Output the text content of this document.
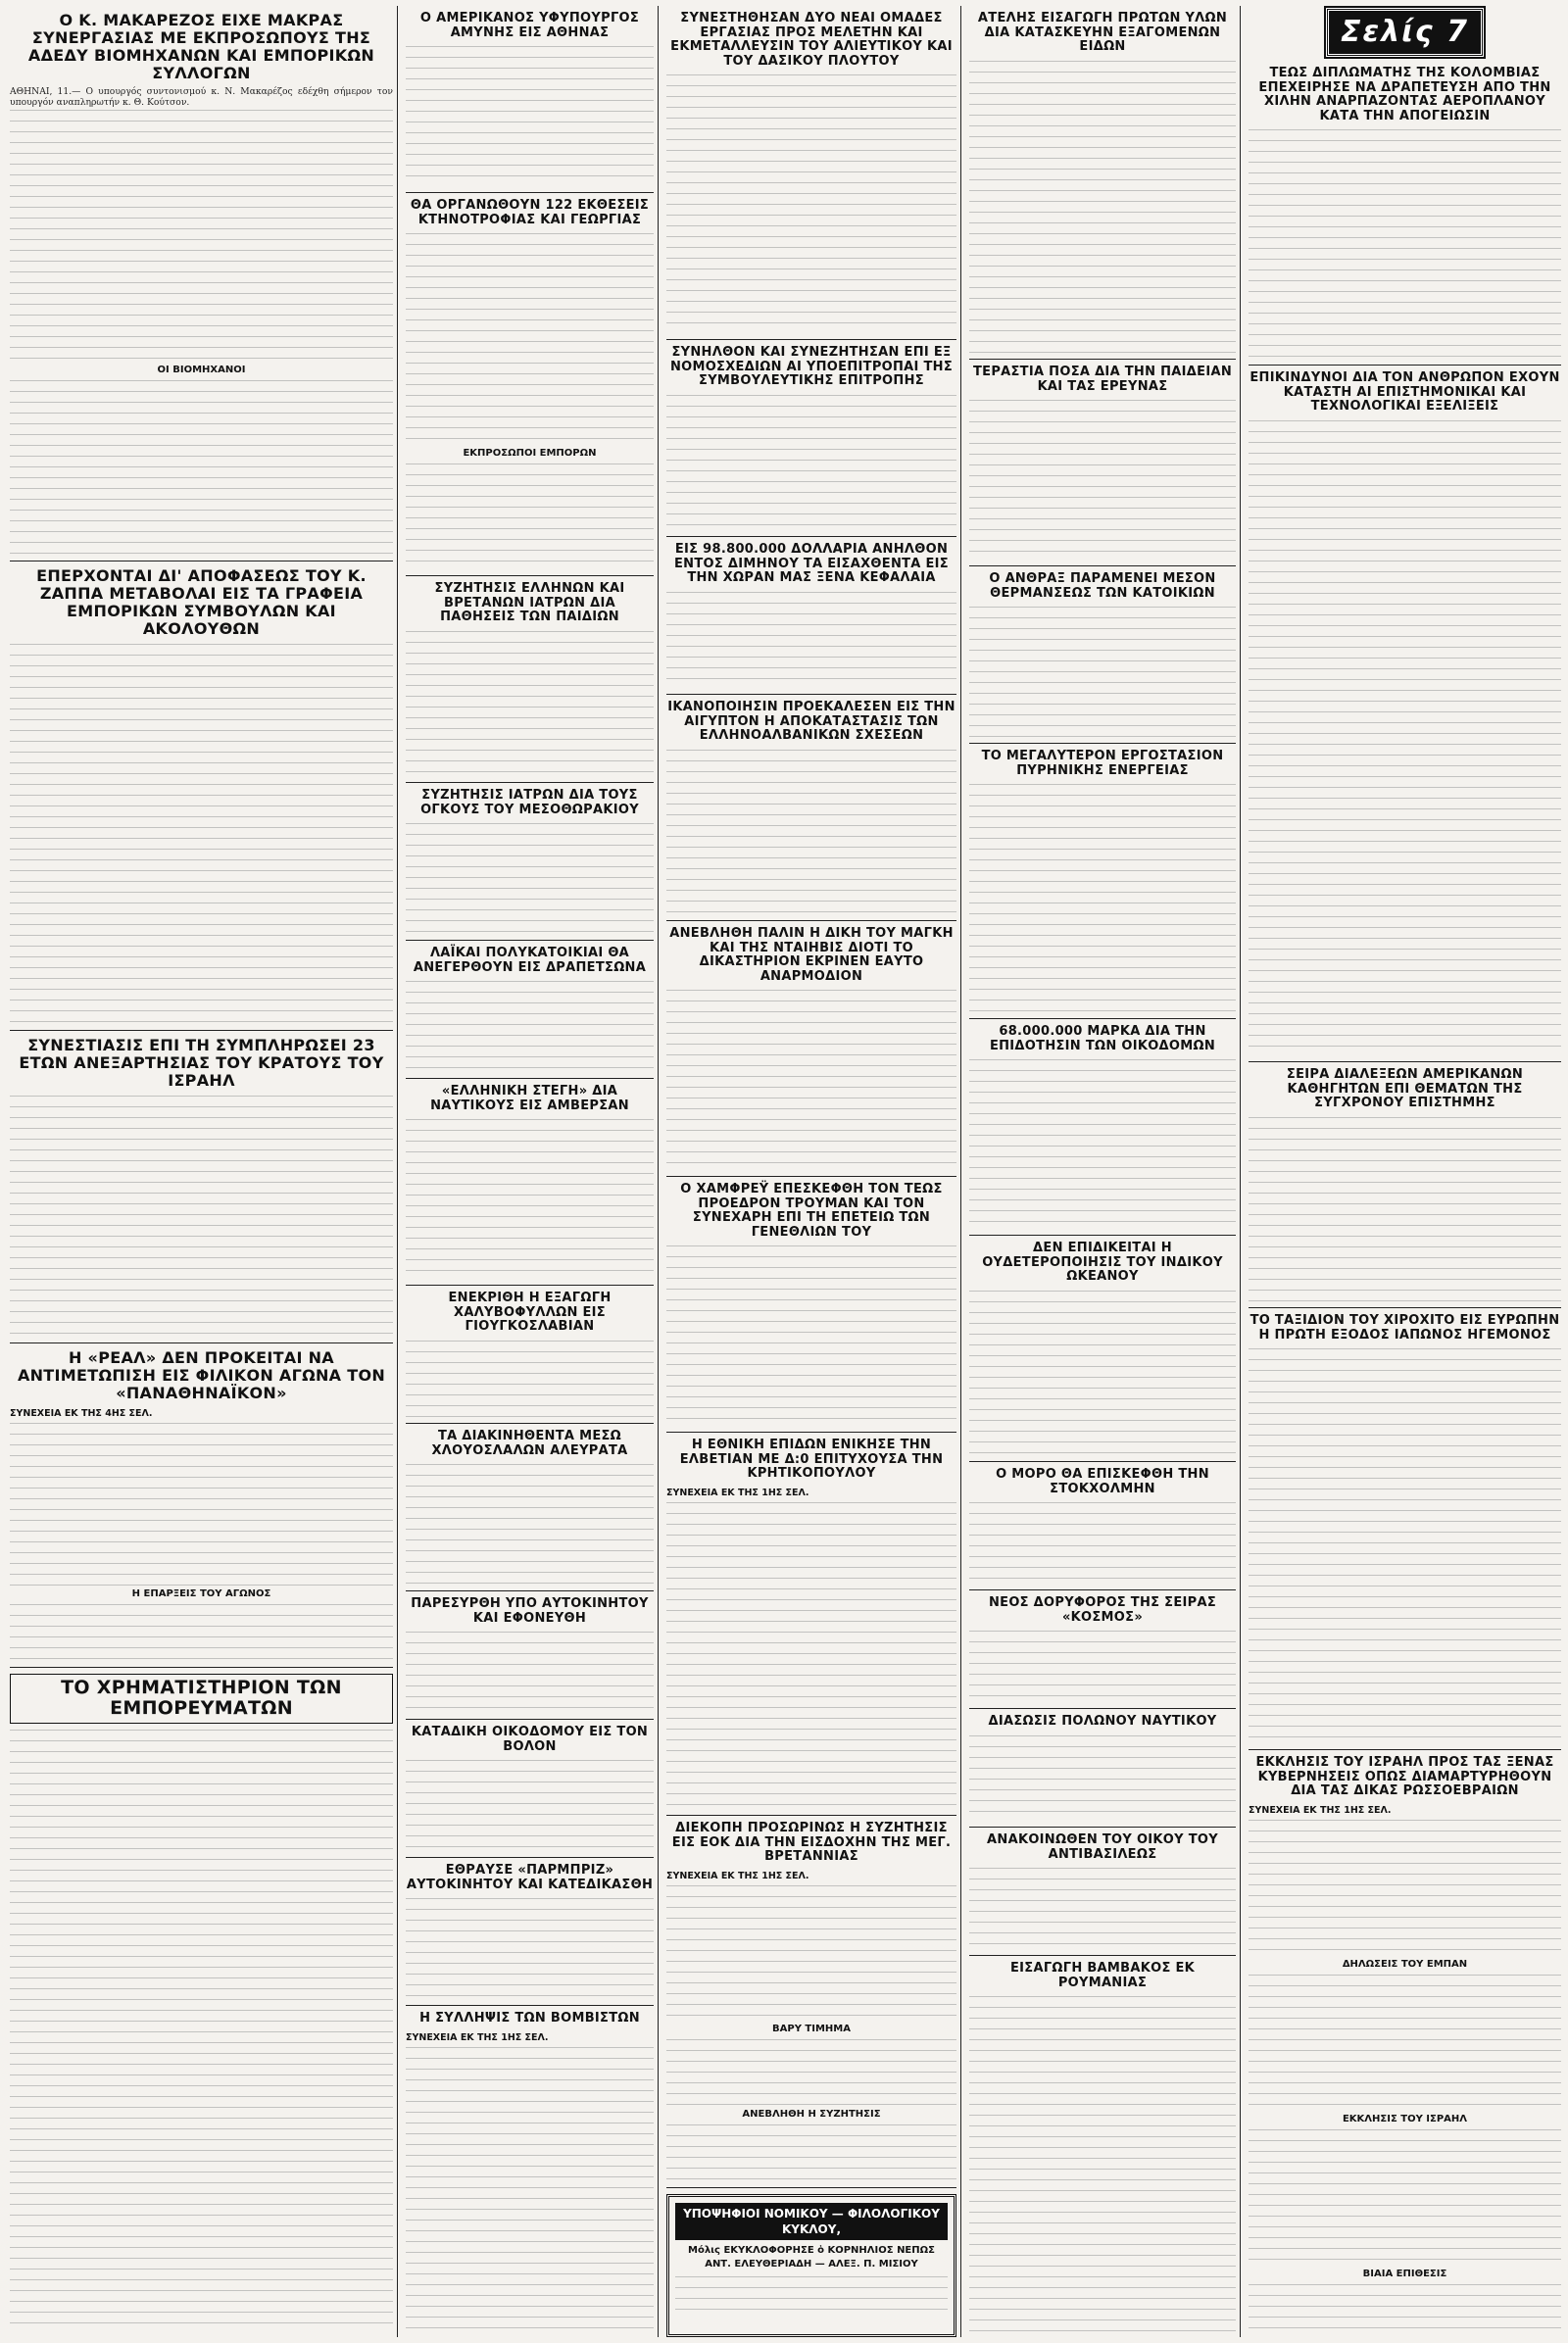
Ο Κ. ΜΑΚΑΡΕΖΟΣ ΕΙΧΕ ΜΑΚΡΑΣ ΣΥΝΕΡΓΑΣΙΑΣ ΜΕ ΕΚΠΡΟΣΩΠΟΥΣ ΤΗΣ ΑΔΕΔΥ ΒΙΟΜΗΧΑΝΩΝ ΚΑΙ ΕΜΠΟΡΙΚΩΝ ΣΥΛΛΟΓΩΝ

ΑΘΗΝΑΙ, 11.— Ο υπουργός συντονισμού κ. Ν. Μακαρέζος εδέχθη σήμερον τον υπουργόν αναπληρωτήν κ. Θ. Κούτσον.

ΟΙ ΒΙΟΜΗΧΑΝΟΙ
ΕΠΕΡΧΟΝΤΑΙ ΔΙ' ΑΠΟΦΑΣΕΩΣ ΤΟΥ Κ. ΖΑΠΠΑ ΜΕΤΑΒΟΛΑΙ ΕΙΣ ΤΑ ΓΡΑΦΕΙΑ ΕΜΠΟΡΙΚΩΝ ΣΥΜΒΟΥΛΩΝ ΚΑΙ ΑΚΟΛΟΥΘΩΝ
ΣΥΝΕΣΤΙΑΣΙΣ ΕΠΙ ΤΗ ΣΥΜΠΛΗΡΩΣΕΙ 23 ΕΤΩΝ ΑΝΕΞΑΡΤΗΣΙΑΣ ΤΟΥ ΚΡΑΤΟΥΣ ΤΟΥ ΙΣΡΑΗΛ
Η «ΡΕΑΛ» ΔΕΝ ΠΡΟΚΕΙΤΑΙ ΝΑ ΑΝΤΙΜΕΤΩΠΙΣΗ ΕΙΣ ΦΙΛΙΚΟΝ ΑΓΩΝΑ ΤΟΝ «ΠΑΝΑΘΗΝΑΪΚΟΝ»
ΣΥΝΕΧΕΙΑ ΕΚ ΤΗΣ 4ΗΣ ΣΕΛ.
Η ΕΠΑΡΞΕΙΣ ΤΟΥ ΑΓΩΝΟΣ
ΤΟ ΧΡΗΜΑΤΙΣΤΗΡΙΟΝ ΤΩΝ ΕΜΠΟΡΕΥΜΑΤΩΝ
Ο ΑΜΕΡΙΚΑΝΟΣ ΥΦΥΠΟΥΡΓΟΣ ΑΜΥΝΗΣ ΕΙΣ ΑΘΗΝΑΣ
ΘΑ ΟΡΓΑΝΩΘΟΥΝ 122 ΕΚΘΕΣΕΙΣ ΚΤΗΝΟΤΡΟΦΙΑΣ ΚΑΙ ΓΕΩΡΓΙΑΣ
ΕΚΠΡΟΣΩΠΟΙ ΕΜΠΟΡΩΝ
ΣΥΖΗΤΗΣΙΣ ΕΛΛΗΝΩΝ ΚΑΙ ΒΡΕΤΑΝΩΝ ΙΑΤΡΩΝ ΔΙΑ ΠΑΘΗΣΕΙΣ ΤΩΝ ΠΑΙΔΙΩΝ
ΣΥΖΗΤΗΣΙΣ ΙΑΤΡΩΝ ΔΙΑ ΤΟΥΣ ΟΓΚΟΥΣ ΤΟΥ ΜΕΣΟΘΩΡΑΚΙΟΥ
ΛΑΪΚΑΙ ΠΟΛΥΚΑΤΟΙΚΙΑΙ ΘΑ ΑΝΕΓΕΡΘΟΥΝ ΕΙΣ ΔΡΑΠΕΤΣΩΝΑ
«ΕΛΛΗΝΙΚΗ ΣΤΕΓΗ» ΔΙΑ ΝΑΥΤΙΚΟΥΣ ΕΙΣ ΑΜΒΕΡΣΑΝ
ΕΝΕΚΡΙΘΗ Η ΕΞΑΓΩΓΗ ΧΑΛΥΒΟΦΥΛΛΩΝ ΕΙΣ ΓΙΟΥΓΚΟΣΛΑΒΙΑΝ
ΤΑ ΔΙΑΚΙΝΗΘΕΝΤΑ ΜΕΣΩ ΧΛΟΥΟΣΛΑΛΩΝ ΑΛΕΥΡΑΤΑ
ΠΑΡΕΣΥΡΘΗ ΥΠΟ ΑΥΤΟΚΙΝΗΤΟΥ ΚΑΙ ΕΦΟΝΕΥΘΗ
ΚΑΤΑΔΙΚΗ ΟΙΚΟΔΟΜΟΥ ΕΙΣ ΤΟΝ ΒΟΛΟΝ
ΕΘΡΑΥΣΕ «ΠΑΡΜΠΡΙΖ» ΑΥΤΟΚΙΝΗΤΟΥ ΚΑΙ ΚΑΤΕΔΙΚΑΣΘΗ
Η ΣΥΛΛΗΨΙΣ ΤΩΝ ΒΟΜΒΙΣΤΩΝ
ΣΥΝΕΧΕΙΑ ΕΚ ΤΗΣ 1ΗΣ ΣΕΛ.
ΣΥΝΕΣΤΗΘΗΣΑΝ ΔΥΟ ΝΕΑΙ ΟΜΑΔΕΣ ΕΡΓΑΣΙΑΣ ΠΡΟΣ ΜΕΛΕΤΗΝ ΚΑΙ ΕΚΜΕΤΑΛΛΕΥΣΙΝ ΤΟΥ ΑΛΙΕΥΤΙΚΟΥ ΚΑΙ ΤΟΥ ΔΑΣΙΚΟΥ ΠΛΟΥΤΟΥ
ΣΥΝΗΛΘΟΝ ΚΑΙ ΣΥΝΕΖΗΤΗΣΑΝ ΕΠΙ ΕΞ ΝΟΜΟΣΧΕΔΙΩΝ ΑΙ ΥΠΟΕΠΙΤΡΟΠΑΙ ΤΗΣ ΣΥΜΒΟΥΛΕΥΤΙΚΗΣ ΕΠΙΤΡΟΠΗΣ
ΕΙΣ 98.800.000 ΔΟΛΛΑΡΙΑ ΑΝΗΛΘΟΝ ΕΝΤΟΣ ΔΙΜΗΝΟΥ ΤΑ ΕΙΣΑΧΘΕΝΤΑ ΕΙΣ ΤΗΝ ΧΩΡΑΝ ΜΑΣ ΞΕΝΑ ΚΕΦΑΛΑΙΑ
ΙΚΑΝΟΠΟΙΗΣΙΝ ΠΡΟΕΚΑΛΕΣΕΝ ΕΙΣ ΤΗΝ ΑΙΓΥΠΤΟΝ Η ΑΠΟΚΑΤΑΣΤΑΣΙΣ ΤΩΝ ΕΛΛΗΝΟΑΛΒΑΝΙΚΩΝ ΣΧΕΣΕΩΝ
ΑΝΕΒΛΗΘΗ ΠΑΛΙΝ Η ΔΙΚΗ ΤΟΥ ΜΑΓΚΗ ΚΑΙ ΤΗΣ ΝΤΑΙΗΒΙΣ ΔΙΟΤΙ ΤΟ ΔΙΚΑΣΤΗΡΙΟΝ ΕΚΡΙΝΕΝ ΕΑΥΤΟ ΑΝΑΡΜΟΔΙΟΝ
Ο ΧΑΜΦΡΕΫ ΕΠΕΣΚΕΦΘΗ ΤΟΝ ΤΕΩΣ ΠΡΟΕΔΡΟΝ ΤΡΟΥΜΑΝ ΚΑΙ ΤΟΝ ΣΥΝΕΧΑΡΗ ΕΠΙ ΤΗ ΕΠΕΤΕΙΩ ΤΩΝ ΓΕΝΕΘΛΙΩΝ ΤΟΥ
Η ΕΘΝΙΚΗ ΕΠΙΔΩΝ ΕΝΙΚΗΣΕ ΤΗΝ ΕΛΒΕΤΙΑΝ ΜΕ Δ:0 ΕΠΙΤΥΧΟΥΣΑ ΤΗΝ ΚΡΗΤΙΚΟΠΟΥΛΟΥ
ΣΥΝΕΧΕΙΑ ΕΚ ΤΗΣ 1ΗΣ ΣΕΛ.
ΔΙΕΚΟΠΗ ΠΡΟΣΩΡΙΝΩΣ Η ΣΥΖΗΤΗΣΙΣ ΕΙΣ ΕΟΚ ΔΙΑ ΤΗΝ ΕΙΣΔΟΧΗΝ ΤΗΣ ΜΕΓ. ΒΡΕΤΑΝΝΙΑΣ
ΣΥΝΕΧΕΙΑ ΕΚ ΤΗΣ 1ΗΣ ΣΕΛ.
ΒΑΡΥ ΤΙΜΗΜΑ
ΑΝΕΒΛΗΘΗ Η ΣΥΖΗΤΗΣΙΣ
ΥΠΟΨΗΦΙΟΙ ΝΟΜΙΚΟΥ — ΦΙΛΟΛΟΓΙΚΟΥ ΚΥΚΛΟΥ,
Μόλις ΕΚΥΚΛΟΦΟΡΗΣΕ ὁ ΚΟΡΝΗΛΙΟΣ ΝΕΠΩΣ
ΑΝΤ. ΕΛΕΥΘΕΡΙΑΔΗ — ΑΛΕΞ. Π. ΜΙΣΙΟΥ
ΑΤΕΛΗΣ ΕΙΣΑΓΩΓΗ ΠΡΩΤΩΝ ΥΛΩΝ ΔΙΑ ΚΑΤΑΣΚΕΥΗΝ ΕΞΑΓΟΜΕΝΩΝ ΕΙΔΩΝ
ΤΕΡΑΣΤΙΑ ΠΟΣΑ ΔΙΑ ΤΗΝ ΠΑΙΔΕΙΑΝ ΚΑΙ ΤΑΣ ΕΡΕΥΝΑΣ
Ο ΑΝΘΡΑΞ ΠΑΡΑΜΕΝΕΙ ΜΕΣΟΝ ΘΕΡΜΑΝΣΕΩΣ ΤΩΝ ΚΑΤΟΙΚΙΩΝ
ΤΟ ΜΕΓΑΛΥΤΕΡΟΝ ΕΡΓΟΣΤΑΣΙΟΝ ΠΥΡΗΝΙΚΗΣ ΕΝΕΡΓΕΙΑΣ
68.000.000 ΜΑΡΚΑ ΔΙΑ ΤΗΝ ΕΠΙΔΟΤΗΣΙΝ ΤΩΝ ΟΙΚΟΔΟΜΩΝ
ΔΕΝ ΕΠΙΔΙΚΕΙΤΑΙ Η ΟΥΔΕΤΕΡΟΠΟΙΗΣΙΣ ΤΟΥ ΙΝΔΙΚΟΥ ΩΚΕΑΝΟΥ
Ο ΜΟΡΟ ΘΑ ΕΠΙΣΚΕΦΘΗ ΤΗΝ ΣΤΟΚΧΟΛΜΗΝ
ΝΕΟΣ ΔΟΡΥΦΟΡΟΣ ΤΗΣ ΣΕΙΡΑΣ «ΚΟΣΜΟΣ»
ΔΙΑΣΩΣΙΣ ΠΟΛΩΝΟΥ ΝΑΥΤΙΚΟΥ
ΑΝΑΚΟΙΝΩΘΕΝ ΤΟΥ ΟΙΚΟΥ ΤΟΥ ΑΝΤΙΒΑΣΙΛΕΩΣ
ΕΙΣΑΓΩΓΗ ΒΑΜΒΑΚΟΣ ΕΚ ΡΟΥΜΑΝΙΑΣ
Σελίς 7
ΤΕΩΣ ΔΙΠΛΩΜΑΤΗΣ ΤΗΣ ΚΟΛΟΜΒΙΑΣ ΕΠΕΧΕΙΡΗΣΕ ΝΑ ΔΡΑΠΕΤΕΥΣΗ ΑΠΟ ΤΗΝ ΧΙΛΗΝ ΑΝΑΡΠΑΖΟΝΤΑΣ ΑΕΡΟΠΛΑΝΟΥ ΚΑΤΑ ΤΗΝ ΑΠΟΓΕΙΩΣΙΝ
ΕΠΙΚΙΝΔΥΝΟΙ ΔΙΑ ΤΟΝ ΑΝΘΡΩΠΟΝ ΕΧΟΥΝ ΚΑΤΑΣΤΗ ΑΙ ΕΠΙΣΤΗΜΟΝΙΚΑΙ ΚΑΙ ΤΕΧΝΟΛΟΓΙΚΑΙ ΕΞΕΛΙΞΕΙΣ
ΣΕΙΡΑ ΔΙΑΛΕΞΕΩΝ ΑΜΕΡΙΚΑΝΩΝ ΚΑΘΗΓΗΤΩΝ ΕΠΙ ΘΕΜΑΤΩΝ ΤΗΣ ΣΥΓΧΡΟΝΟΥ ΕΠΙΣΤΗΜΗΣ
ΤΟ ΤΑΞΙΔΙΟΝ ΤΟΥ ΧΙΡΟΧΙΤΟ ΕΙΣ ΕΥΡΩΠΗΝ Η ΠΡΩΤΗ ΕΞΟΔΟΣ ΙΑΠΩΝΟΣ ΗΓΕΜΟΝΟΣ
ΕΚΚΛΗΣΙΣ ΤΟΥ ΙΣΡΑΗΛ ΠΡΟΣ ΤΑΣ ΞΕΝΑΣ ΚΥΒΕΡΝΗΣΕΙΣ ΟΠΩΣ ΔΙΑΜΑΡΤΥΡΗΘΟΥΝ ΔΙΑ ΤΑΣ ΔΙΚΑΣ ΡΩΣΣΟΕΒΡΑΙΩΝ
ΣΥΝΕΧΕΙΑ ΕΚ ΤΗΣ 1ΗΣ ΣΕΛ.
ΔΗΛΩΣΕΙΣ ΤΟΥ ΕΜΠΑΝ
ΕΚΚΛΗΣΙΣ ΤΟΥ ΙΣΡΑΗΛ
ΒΙΑΙΑ ΕΠΙΘΕΣΙΣ
